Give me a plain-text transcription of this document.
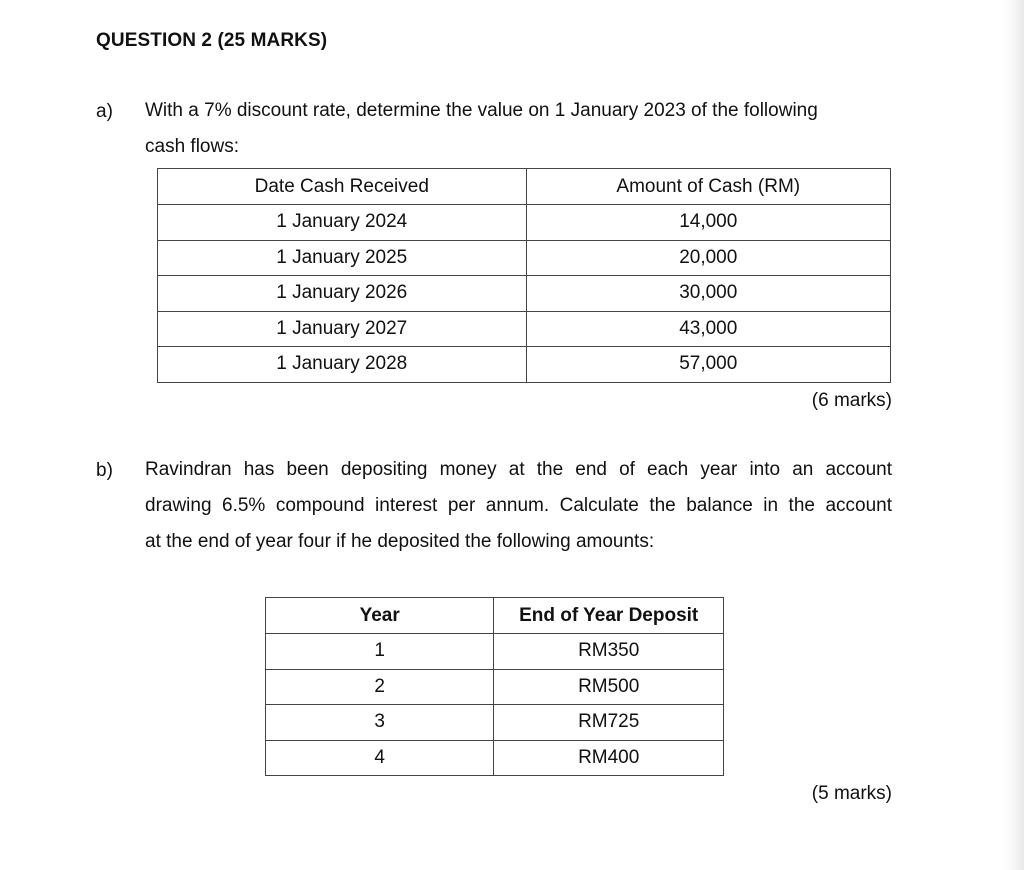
QUESTION 2 (25 MARKS)
a) With a 7% discount rate, determine the value on 1 January 2023 of the following
cash flows:
Date Cash Received	Amount of Cash (RM)
1 January 2024	14,000
1 January 2025	20,000
1 January 2026	30,000
1 January 2027	43,000
1 January 2028	57,000
(6 marks)
b) Ravindran has been depositing money at the end of each year into an account
drawing 6.5% compound interest per annum. Calculate the balance in the account
at the end of year four if he deposited the following amounts:
Year	End of Year Deposit
1	RM350
2	RM500
3	RM725
4	RM400
(5 marks)
